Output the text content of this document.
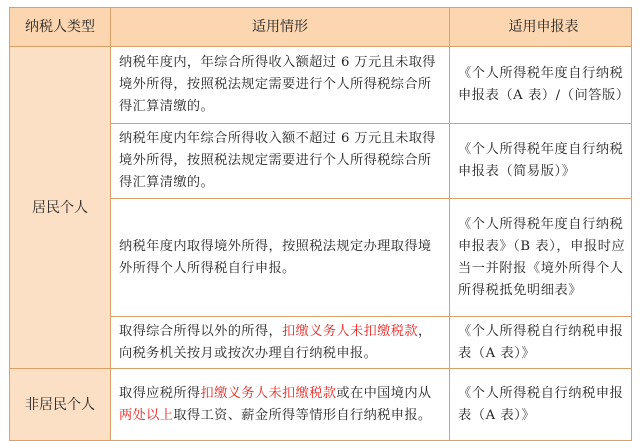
纳税人类型	适用情形	适用申报表
居民个人	纳税年度内，年综合所得收入额超过 6 万元且未取得境外所得，按照税法规定需要进行个人所得税综合所得汇算清缴的。	《个人所得税年度自行纳税申报表（A 表）/（问答版）
	纳税年度内年综合所得收入额不超过 6 万元且未取得境外所得，按照税法规定需要进行个人所得税综合所得汇算清缴的。	《个人所得税年度自行纳税申报表（简易版）》
	纳税年度内取得境外所得，按照税法规定办理取得境外所得个人所得税自行申报。	《个人所得税年度自行纳税申报表》（B 表），申报时应当一并附报《境外所得个人所得税抵免明细表》
	取得综合所得以外的所得，扣缴义务人未扣缴税款，向税务机关按月或按次办理自行纳税申报。	《个人所得税自行纳税申报表（A 表）》
非居民个人	取得应税所得扣缴义务人未扣缴税款或在中国境内从两处以上取得工资、薪金所得等情形自行纳税申报。	《个人所得税自行纳税申报表（A 表）》
